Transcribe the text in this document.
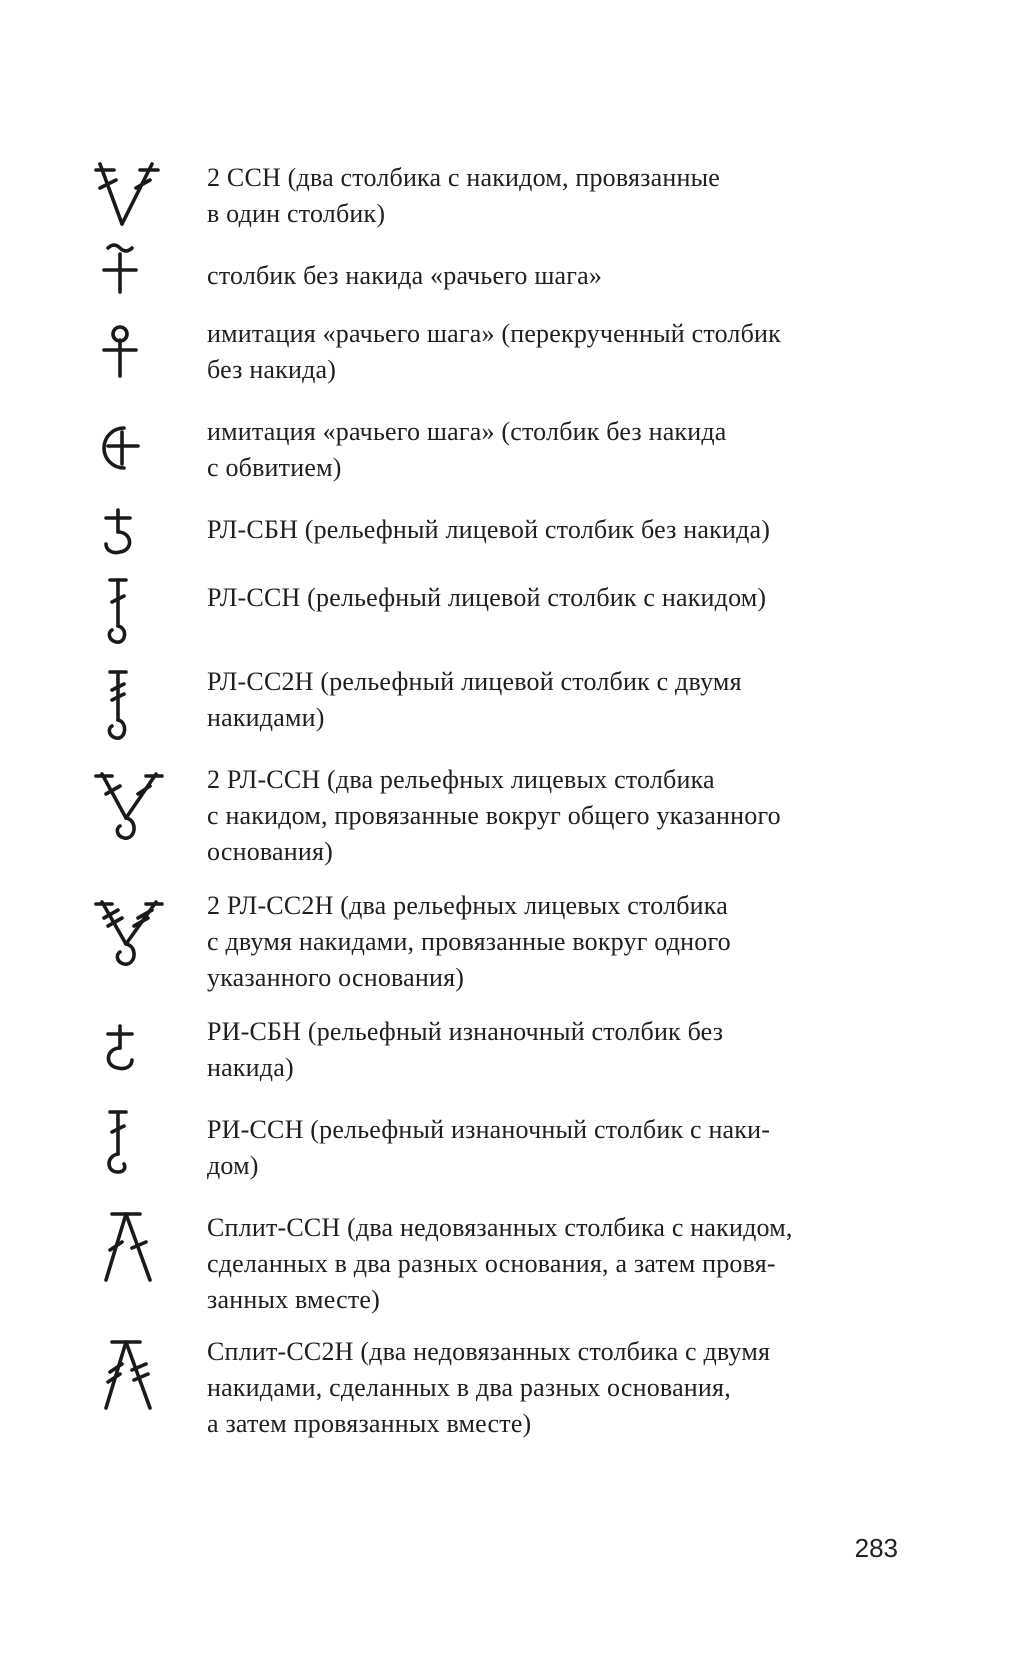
2 ССН (два столбика с накидом, провязанные
в один столбик)
столбик без накида «рачьего шага»
имитация «рачьего шага» (перекрученный столбик
без накида)
имитация «рачьего шага» (столбик без накида
с обвитием)
РЛ-СБН (рельефный лицевой столбик без накида)
РЛ-ССН (рельефный лицевой столбик с накидом)
РЛ-СС2Н (рельефный лицевой столбик с двумя
накидами)
2 РЛ-ССН (два рельефных лицевых столбика
с накидом, провязанные вокруг общего указанного
основания)
2 РЛ-СС2Н (два рельефных лицевых столбика
с двумя накидами, провязанные вокруг одного
указанного основания)
РИ-СБН (рельефный изнаночный столбик без
накида)
РИ-ССН (рельефный изнаночный столбик с наки-
дом)
Сплит-ССН (два недовязанных столбика с накидом,
сделанных в два разных основания, а затем провя-
занных вместе)
Сплит-СС2Н (два недовязанных столбика с двумя
накидами, сделанных в два разных основания,
а затем провязанных вместе)
283
